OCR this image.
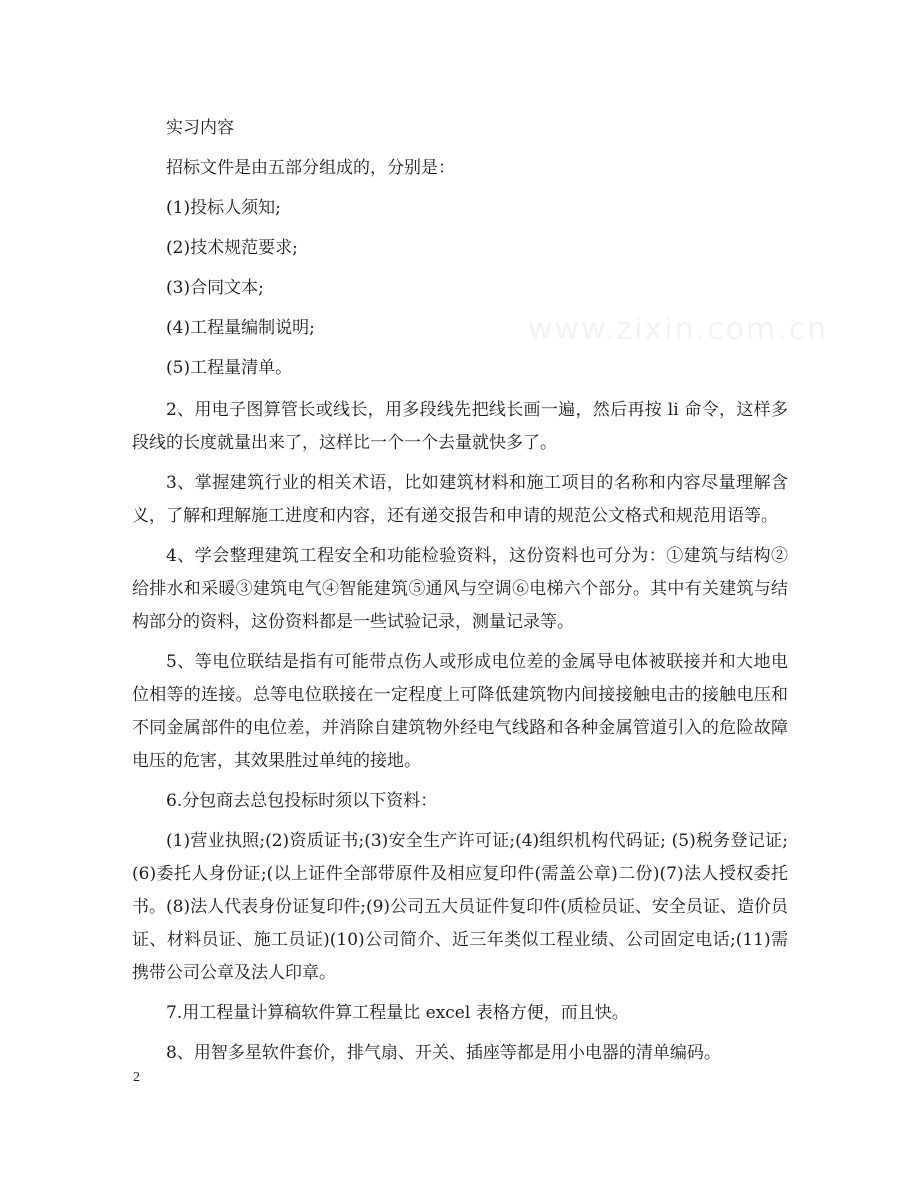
实习内容

招标文件是由五部分组成的，分别是：

(1)投标人须知;

(2)技术规范要求;

(3)合同文本;

(4)工程量编制说明;

(5)工程量清单。

2、用电子图算管长或线长，用多段线先把线长画一遍，然后再按 li 命令，这样多段线的长度就量出来了，这样比一个一个去量就快多了。

3、掌握建筑行业的相关术语，比如建筑材料和施工项目的名称和内容尽量理解含义，了解和理解施工进度和内容，还有递交报告和申请的规范公文格式和规范用语等。

4、学会整理建筑工程安全和功能检验资料，这份资料也可分为：①建筑与结构②给排水和采暖③建筑电气④智能建筑⑤通风与空调⑥电梯六个部分。其中有关建筑与结构部分的资料，这份资料都是一些试验记录，测量记录等。

5、等电位联结是指有可能带点伤人或形成电位差的金属导电体被联接并和大地电位相等的连接。总等电位联接在一定程度上可降低建筑物内间接接触电击的接触电压和不同金属部件的电位差，并消除自建筑物外经电气线路和各种金属管道引入的危险故障电压的危害，其效果胜过单纯的接地。

6.分包商去总包投标时须以下资料：

(1)营业执照;(2)资质证书;(3)安全生产许可证;(4)组织机构代码证; (5)税务登记证;(6)委托人身份证;(以上证件全部带原件及相应复印件(需盖公章)二份)(7)法人授权委托书。(8)法人代表身份证复印件;(9)公司五大员证件复印件(质检员证、安全员证、造价员证、材料员证、施工员证)(10)公司简介、近三年类似工程业绩、公司固定电话;(11)需携带公司公章及法人印章。

7.用工程量计算稿软件算工程量比 excel 表格方便，而且快。

8、用智多星软件套价，排气扇、开关、插座等都是用小电器的清单编码。

www.zixin.com.cn
2
